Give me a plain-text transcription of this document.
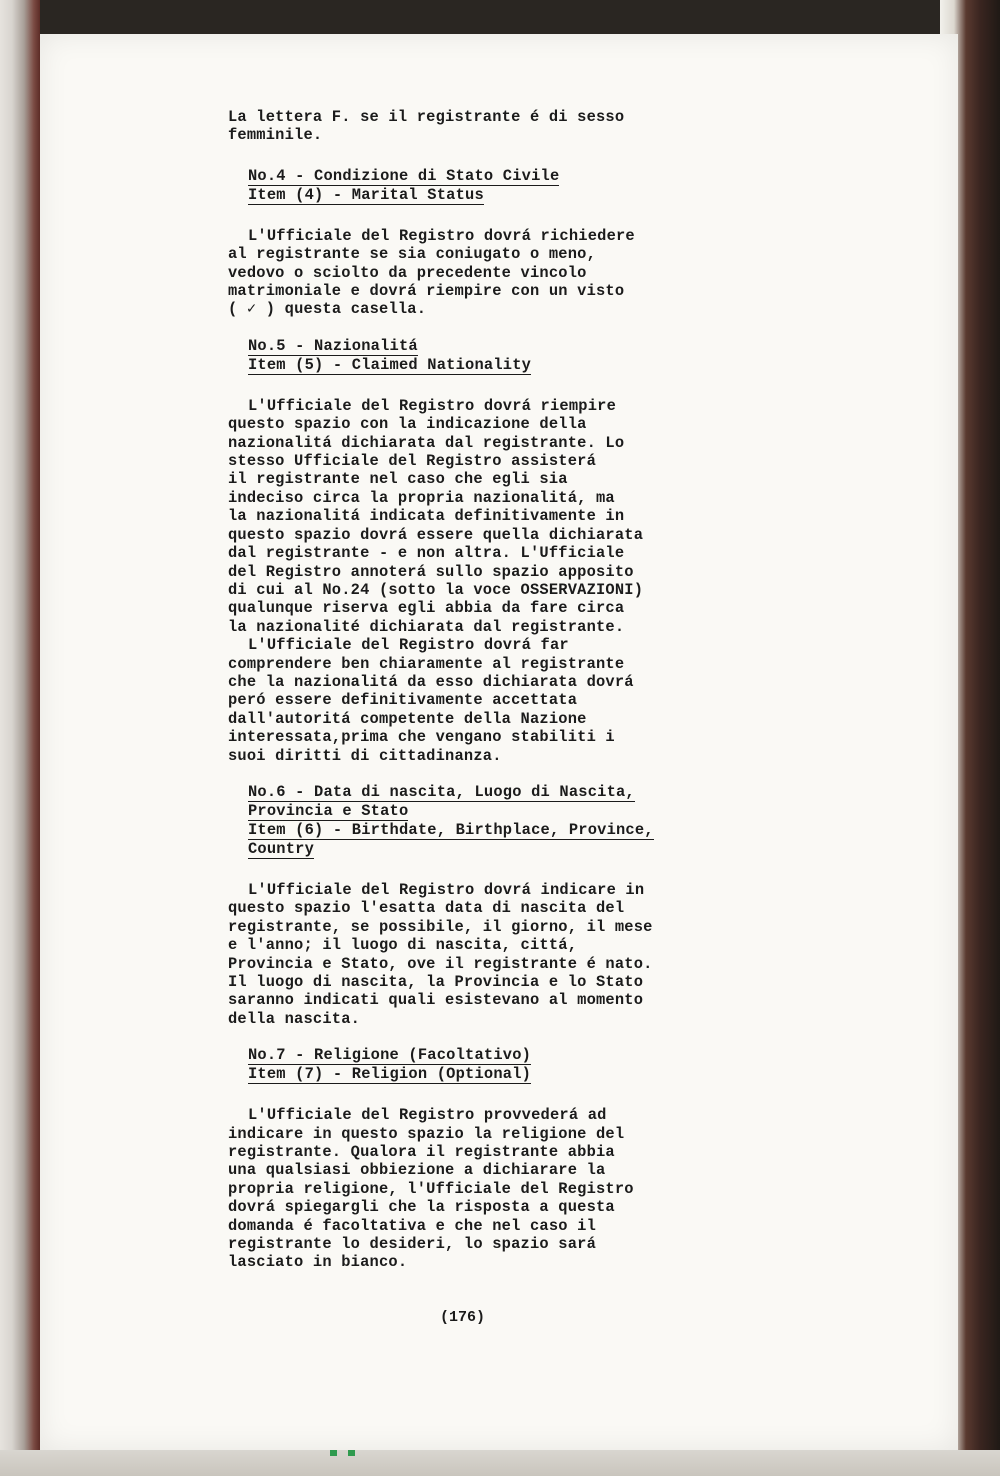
La lettera F. se il registrante é di sesso
femminile.

No.4 - Condizione di Stato Civile

Item (4) - Marital Status

L'Ufficiale del Registro dovrá richiedere
al registrante se sia coniugato o meno,
vedovo o sciolto da precedente vincolo
matrimoniale e dovrá riempire con un visto
( ✓ ) questa casella.

No.5 - Nazionalitá

Item (5) - Claimed Nationality

L'Ufficiale del Registro dovrá riempire
questo spazio con la indicazione della
nazionalitá dichiarata dal registrante. Lo
stesso Ufficiale del Registro assisterá
il registrante nel caso che egli sia
indeciso circa la propria nazionalitá, ma
la nazionalitá indicata definitivamente in
questo spazio dovrá essere quella dichiarata
dal registrante - e non altra. L'Ufficiale
del Registro annoterá sullo spazio apposito
di cui al No.24 (sotto la voce OSSERVAZIONI)
qualunque riserva egli abbia da fare circa
la nazionalité dichiarata dal registrante.

L'Ufficiale del Registro dovrá far
comprendere ben chiaramente al registrante
che la nazionalitá da esso dichiarata dovrá
peró essere definitivamente accettata
dall'autoritá competente della Nazione
interessata,prima che vengano stabiliti i
suoi diritti di cittadinanza.

No.6 - Data di nascita, Luogo di Nascita,

Provincia e Stato

Item (6) - Birthdate, Birthplace, Province,

Country

L'Ufficiale del Registro dovrá indicare in
questo spazio l'esatta data di nascita del
registrante, se possibile, il giorno, il mese
e l'anno; il luogo di nascita, cittá,
Provincia e Stato, ove il registrante é nato.
Il luogo di nascita, la Provincia e lo Stato
saranno indicati quali esistevano al momento
della nascita.

No.7 - Religione (Facoltativo)

Item (7) - Religion (Optional)

L'Ufficiale del Registro provvederá ad
indicare in questo spazio la religione del
registrante. Qualora il registrante abbia
una qualsiasi obbiezione a dichiarare la
propria religione, l'Ufficiale del Registro
dovrá spiegargli che la risposta a questa
domanda é facoltativa e che nel caso il
registrante lo desideri, lo spazio sará
lasciato in bianco.

(176)
